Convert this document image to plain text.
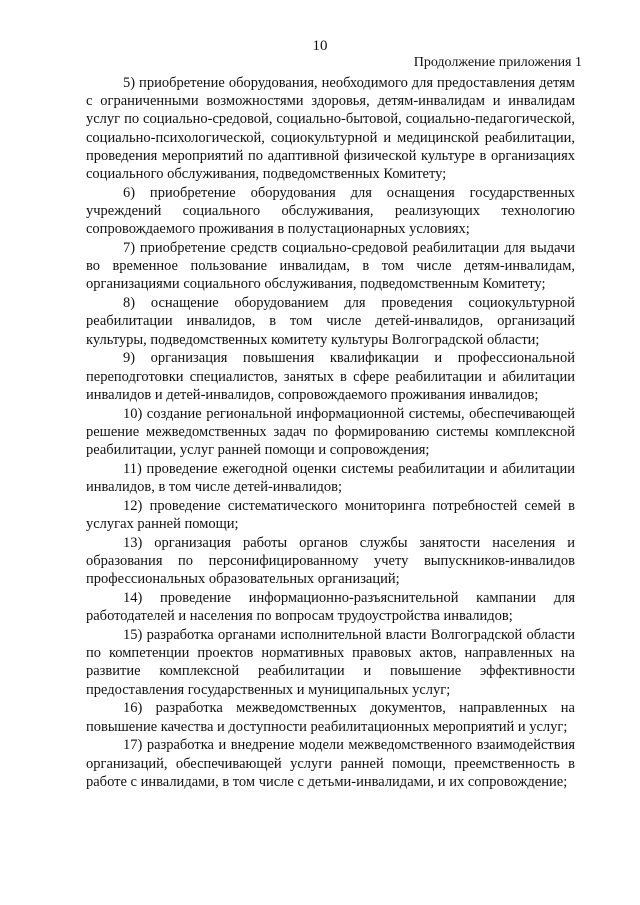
10
Продолжение приложения 1

5) приобретение оборудования, необходимого для предоставления детям с ограниченными возможностями здоровья, детям-инвалидам и инвалидам услуг по социально-средовой, социально-бытовой, социально-педагогической, социально-психологической, социокультурной и медицинской реабилитации, проведения мероприятий по адаптивной физической культуре в организациях социального обслуживания, подведомственных Комитету;

6) приобретение оборудования для оснащения государственных учреждений социального обслуживания, реализующих технологию сопровождаемого проживания в полустационарных условиях;

7) приобретение средств социально-средовой реабилитации для выдачи во временное пользование инвалидам, в том числе детям-инвалидам, организациями социального обслуживания, подведомственным Комитету;

8) оснащение оборудованием для проведения социокультурной реабилитации инвалидов, в том числе детей-инвалидов, организаций культуры, подведомственных комитету культуры Волгоградской области;

9) организация повышения квалификации и профессиональной переподготовки специалистов, занятых в сфере реабилитации и абилитации инвалидов и детей-инвалидов, сопровождаемого проживания инвалидов;

10) создание региональной информационной системы, обеспечивающей решение межведомственных задач по формированию системы комплексной реабилитации, услуг ранней помощи и сопровождения;

11) проведение ежегодной оценки системы реабилитации и абилитации инвалидов, в том числе детей-инвалидов;

12) проведение систематического мониторинга потребностей семей в услугах ранней помощи;

13) организация работы органов службы занятости населения и образования по персонифицированному учету выпускников-инвалидов профессиональных образовательных организаций;

14) проведение информационно-разъяснительной кампании для работодателей и населения по вопросам трудоустройства инвалидов;

15) разработка органами исполнительной власти Волгоградской области по компетенции проектов нормативных правовых актов, направленных на развитие комплексной реабилитации и повышение эффективности предоставления государственных и муниципальных услуг;

16) разработка межведомственных документов, направленных на повышение качества и доступности реабилитационных мероприятий и услуг;

17) разработка и внедрение модели межведомственного взаимодействия организаций, обеспечивающей услуги ранней помощи, преемственность в работе с инвалидами, в том числе с детьми-инвалидами, и их сопровождение;
